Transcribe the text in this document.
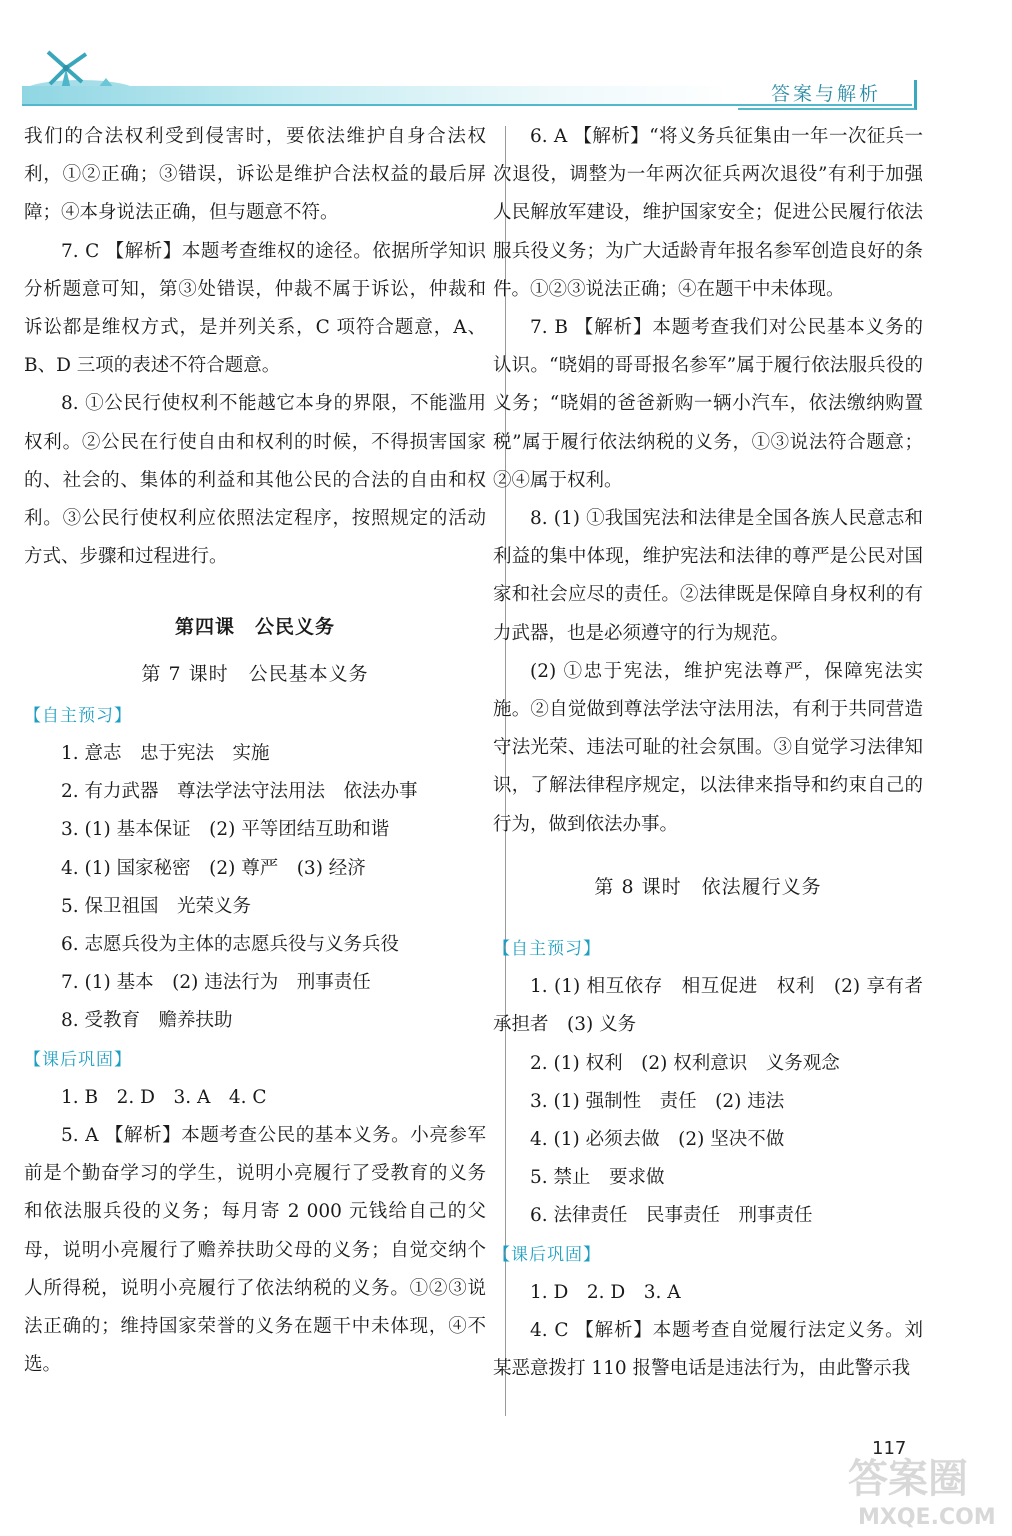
答案与解析

我们的合法权利受到侵害时，要依法维护自身合法权利，①②正确；③错误，诉讼是维护合法权益的最后屏障；④本身说法正确，但与题意不符。

7. C 【解析】本题考查维权的途径。依据所学知识分析题意可知，第③处错误，仲裁不属于诉讼，仲裁和诉讼都是维权方式，是并列关系，C 项符合题意，A、B、D 三项的表述不符合题意。

8. ①公民行使权利不能越它本身的界限，不能滥用权利。②公民在行使自由和权利的时候，不得损害国家的、社会的、集体的利益和其他公民的合法的自由和权利。③公民行使权利应依照法定程序，按照规定的活动方式、步骤和过程进行。

第四课　公民义务

第 7 课时　公民基本义务

【自主预习】

1. 意志　忠于宪法　实施

2. 有力武器　尊法学法守法用法　依法办事

3. (1) 基本保证　(2) 平等团结互助和谐

4. (1) 国家秘密　(2) 尊严　(3) 经济

5. 保卫祖国　光荣义务

6. 志愿兵役为主体的志愿兵役与义务兵役

7. (1) 基本　(2) 违法行为　刑事责任

8. 受教育　赡养扶助

【课后巩固】

1. B　2. D　3. A　4. C

5. A 【解析】本题考查公民的基本义务。小亮参军前是个勤奋学习的学生，说明小亮履行了受教育的义务和依法服兵役的义务；每月寄 2 000 元钱给自己的父母，说明小亮履行了赡养扶助父母的义务；自觉交纳个人所得税，说明小亮履行了依法纳税的义务。①②③说法正确的；维持国家荣誉的义务在题干中未体现，④不选。

6. A 【解析】“将义务兵征集由一年一次征兵一次退役，调整为一年两次征兵两次退役”有利于加强人民解放军建设，维护国家安全；促进公民履行依法服兵役义务；为广大适龄青年报名参军创造良好的条件。①②③说法正确；④在题干中未体现。

7. B 【解析】本题考查我们对公民基本义务的认识。“晓娟的哥哥报名参军”属于履行依法服兵役的义务；“晓娟的爸爸新购一辆小汽车，依法缴纳购置税”属于履行依法纳税的义务，①③说法符合题意；②④属于权利。

8. (1) ①我国宪法和法律是全国各族人民意志和利益的集中体现，维护宪法和法律的尊严是公民对国家和社会应尽的责任。②法律既是保障自身权利的有力武器，也是必须遵守的行为规范。

(2) ①忠于宪法，维护宪法尊严，保障宪法实施。②自觉做到尊法学法守法用法，有利于共同营造守法光荣、违法可耻的社会氛围。③自觉学习法律知识，了解法律程序规定，以法律来指导和约束自己的行为，做到依法办事。

第 8 课时　依法履行义务

【自主预习】

1. (1) 相互依存　相互促进　权利　(2) 享有者　承担者　(3) 义务

2. (1) 权利　(2) 权利意识　义务观念

3. (1) 强制性　责任　(2) 违法

4. (1) 必须去做　(2) 坚决不做

5. 禁止　要求做

6. 法律责任　民事责任　刑事责任

【课后巩固】

1. D　2. D　3. A

4. C 【解析】本题考查自觉履行法定义务。刘某恶意拨打 110 报警电话是违法行为，由此警示我

117
答案圈
MXQE.COM
